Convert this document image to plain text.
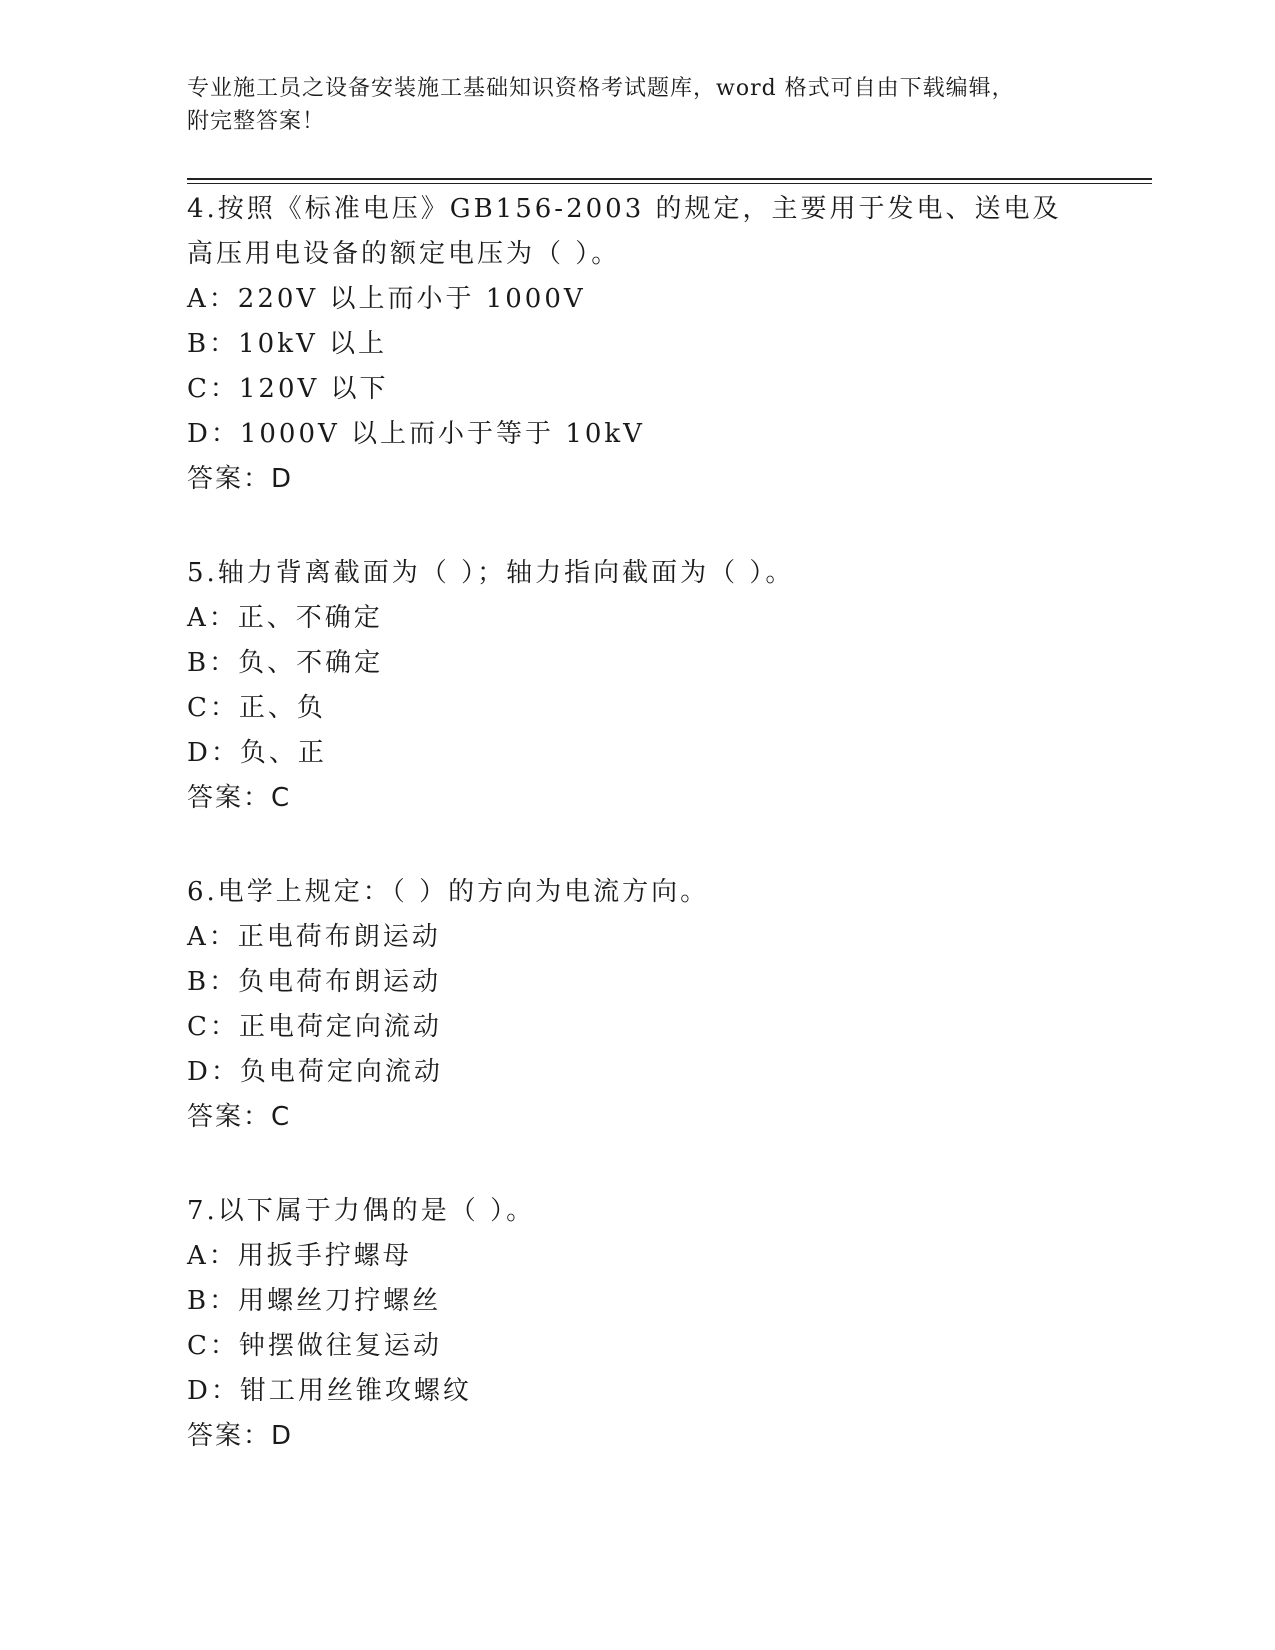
专业施工员之设备安装施工基础知识资格考试题库，word 格式可自由下载编辑，
附完整答案！
4.按照《标准电压》GB156-2003 的规定，主要用于发电、送电及高压用电设备的额定电压为（ ）。
A：220V 以上而小于 1000V
B：10kV 以上
C：120V 以下
D：1000V 以上而小于等于 10kV
答案：D
5.轴力背离截面为（ ）；轴力指向截面为（ ）。
A：正、不确定
B：负、不确定
C：正、负
D：负、正
答案：C
6.电学上规定：（ ）的方向为电流方向。
A：正电荷布朗运动
B：负电荷布朗运动
C：正电荷定向流动
D：负电荷定向流动
答案：C
7.以下属于力偶的是（ ）。
A：用扳手拧螺母
B：用螺丝刀拧螺丝
C：钟摆做往复运动
D：钳工用丝锥攻螺纹
答案：D
